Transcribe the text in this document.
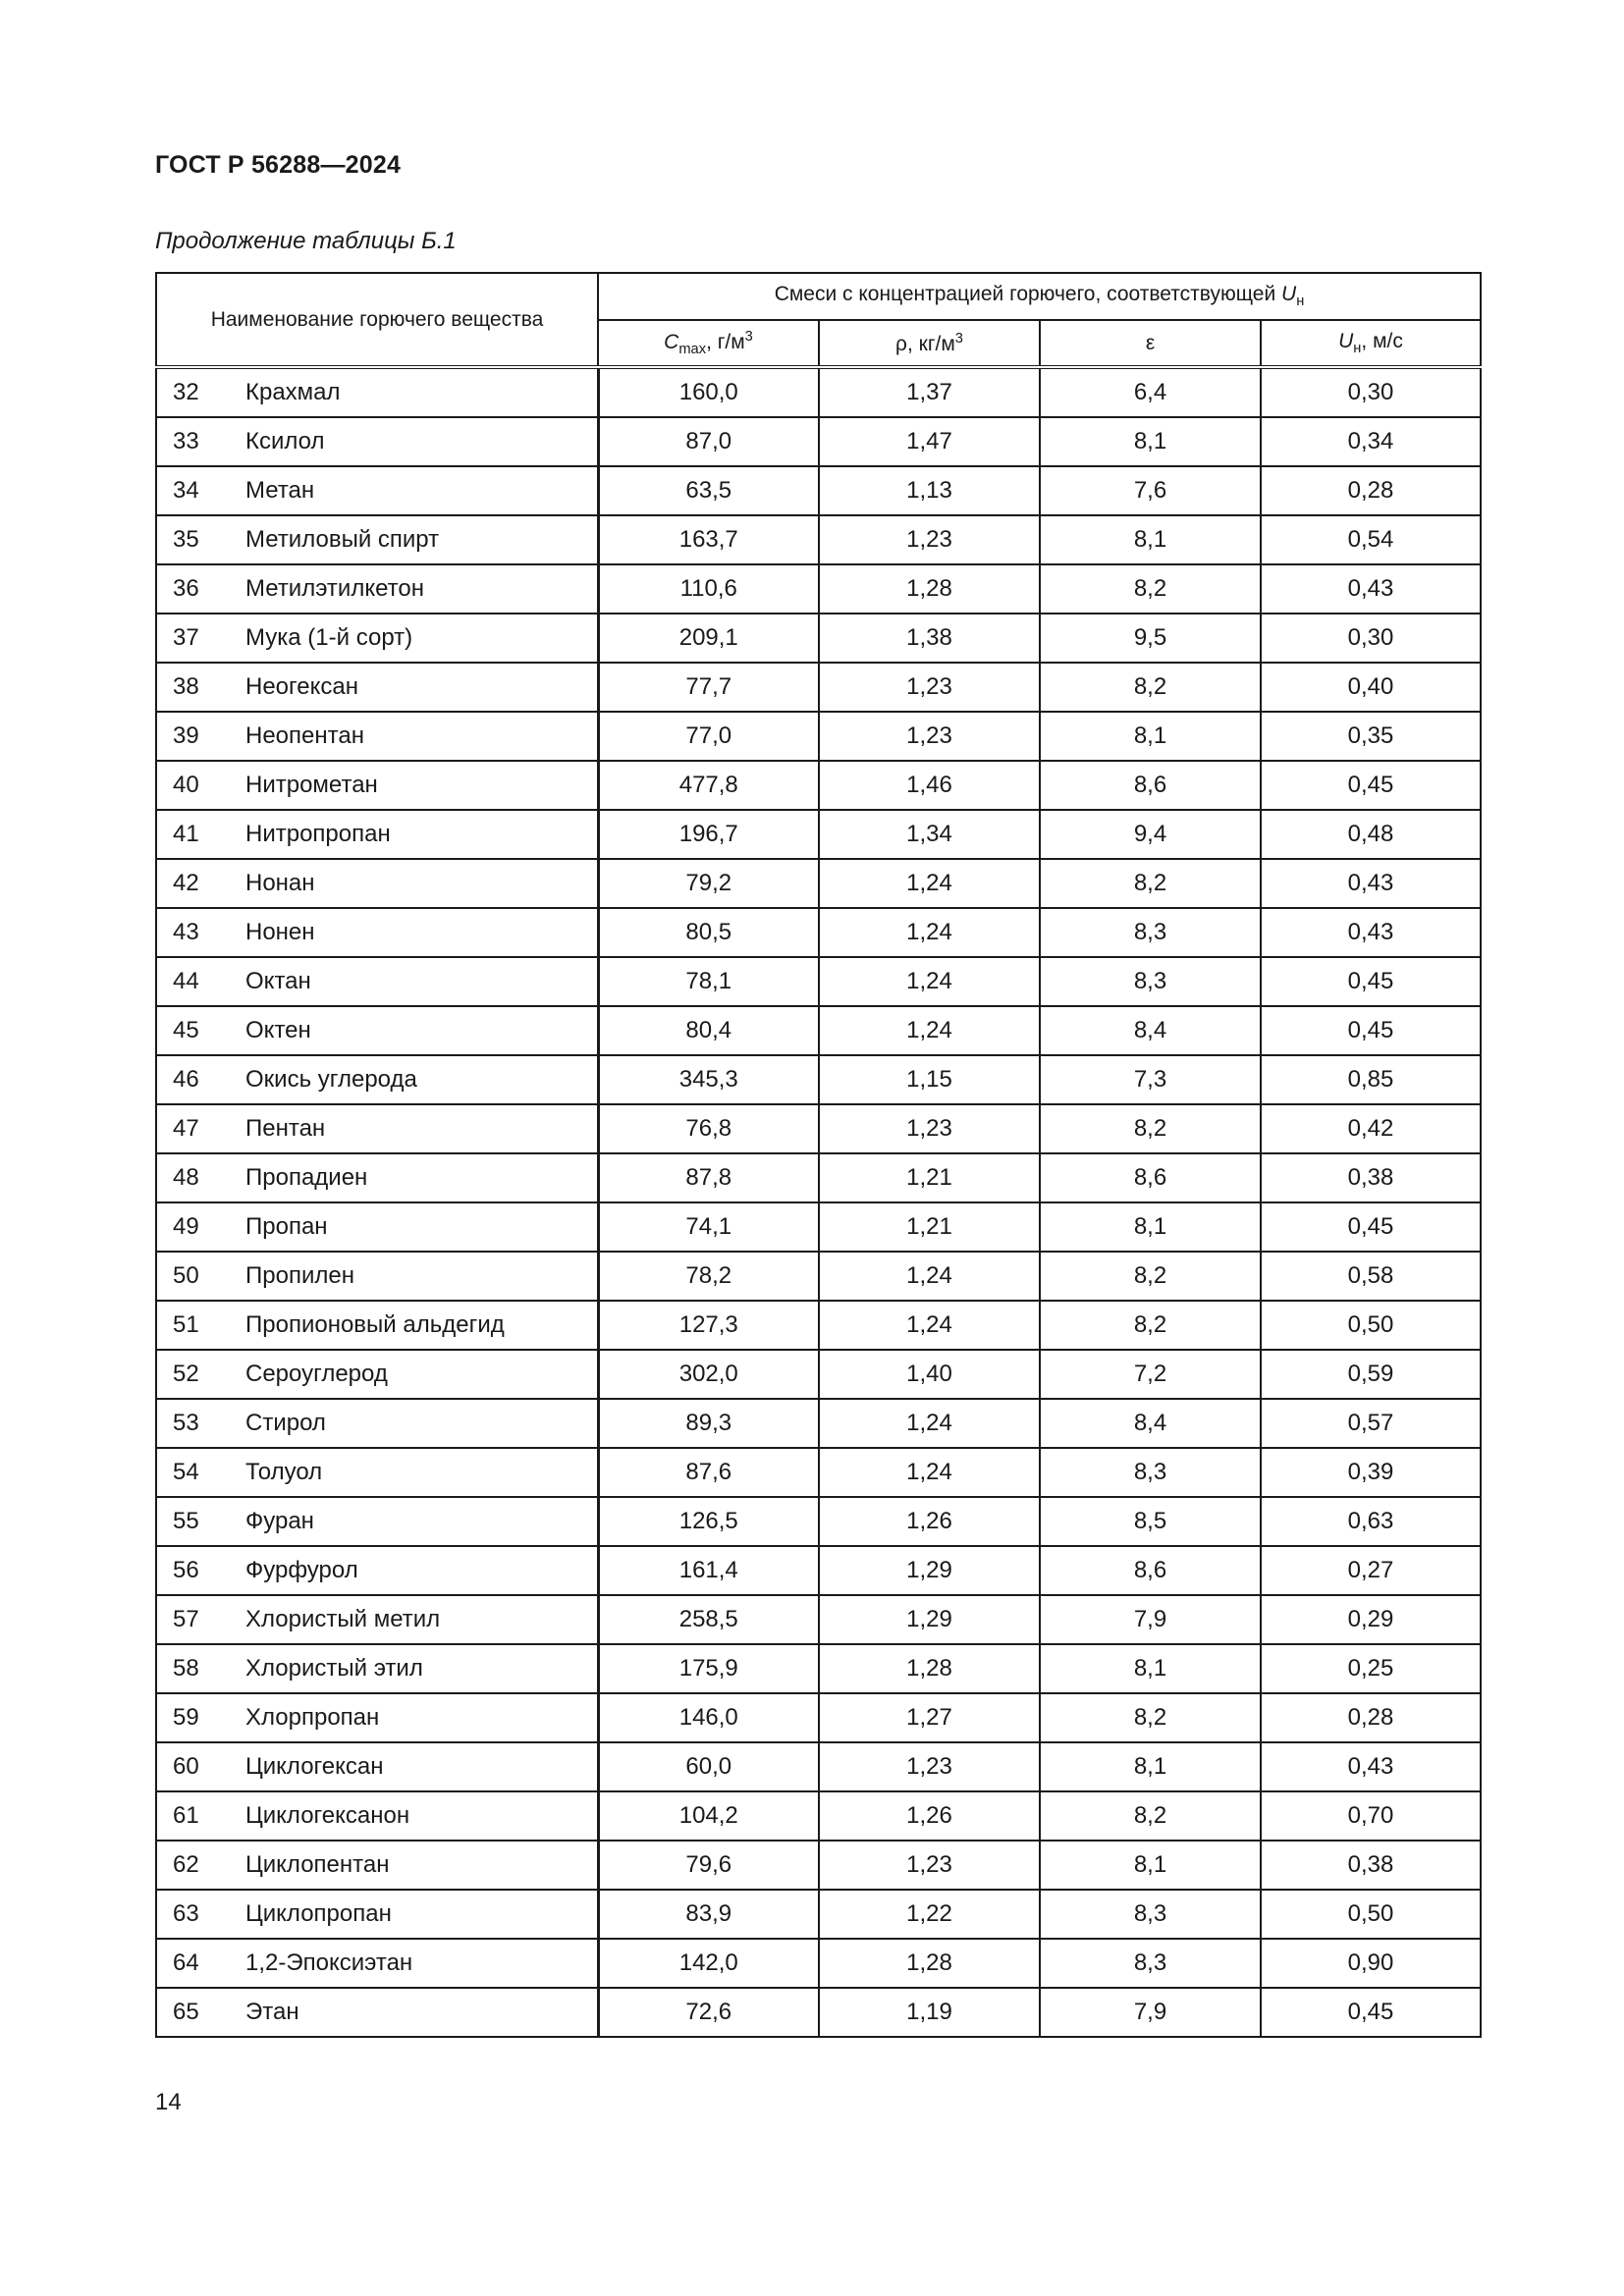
ГОСТ Р 56288—2024
Продолжение таблицы Б.1
Наименование горючего вещества	Смеси с концентрацией горючего, соответствующей $U_н$
	$C_{max}$, $г/м^3$	ρ, $кг/м^3$	ε	$U_н$, м/с
32 Крахмал	160,0	1,37	6,4	0,30
33 Ксилол	87,0	1,47	8,1	0,34
34 Метан	63,5	1,13	7,6	0,28
35 Метиловый спирт	163,7	1,23	8,1	0,54
36 Метилэтилкетон	110,6	1,28	8,2	0,43
37 Мука (1-й сорт)	209,1	1,38	9,5	0,30
38 Неогексан	77,7	1,23	8,2	0,40
39 Неопентан	77,0	1,23	8,1	0,35
40 Нитрометан	477,8	1,46	8,6	0,45
41 Нитропропан	196,7	1,34	9,4	0,48
42 Нонан	79,2	1,24	8,2	0,43
43 Нонен	80,5	1,24	8,3	0,43
44 Октан	78,1	1,24	8,3	0,45
45 Октен	80,4	1,24	8,4	0,45
46 Окись углерода	345,3	1,15	7,3	0,85
47 Пентан	76,8	1,23	8,2	0,42
48 Пропадиен	87,8	1,21	8,6	0,38
49 Пропан	74,1	1,21	8,1	0,45
50 Пропилен	78,2	1,24	8,2	0,58
51 Пропионовый альдегид	127,3	1,24	8,2	0,50
52 Сероуглерод	302,0	1,40	7,2	0,59
53 Стирол	89,3	1,24	8,4	0,57
54 Толуол	87,6	1,24	8,3	0,39
55 Фуран	126,5	1,26	8,5	0,63
56 Фурфурол	161,4	1,29	8,6	0,27
57 Хлористый метил	258,5	1,29	7,9	0,29
58 Хлористый этил	175,9	1,28	8,1	0,25
59 Хлорпропан	146,0	1,27	8,2	0,28
60 Циклогексан	60,0	1,23	8,1	0,43
61 Циклогексанон	104,2	1,26	8,2	0,70
62 Циклопентан	79,6	1,23	8,1	0,38
63 Циклопропан	83,9	1,22	8,3	0,50
64 1,2-Эпоксиэтан	142,0	1,28	8,3	0,90
65 Этан	72,6	1,19	7,9	0,45
14
